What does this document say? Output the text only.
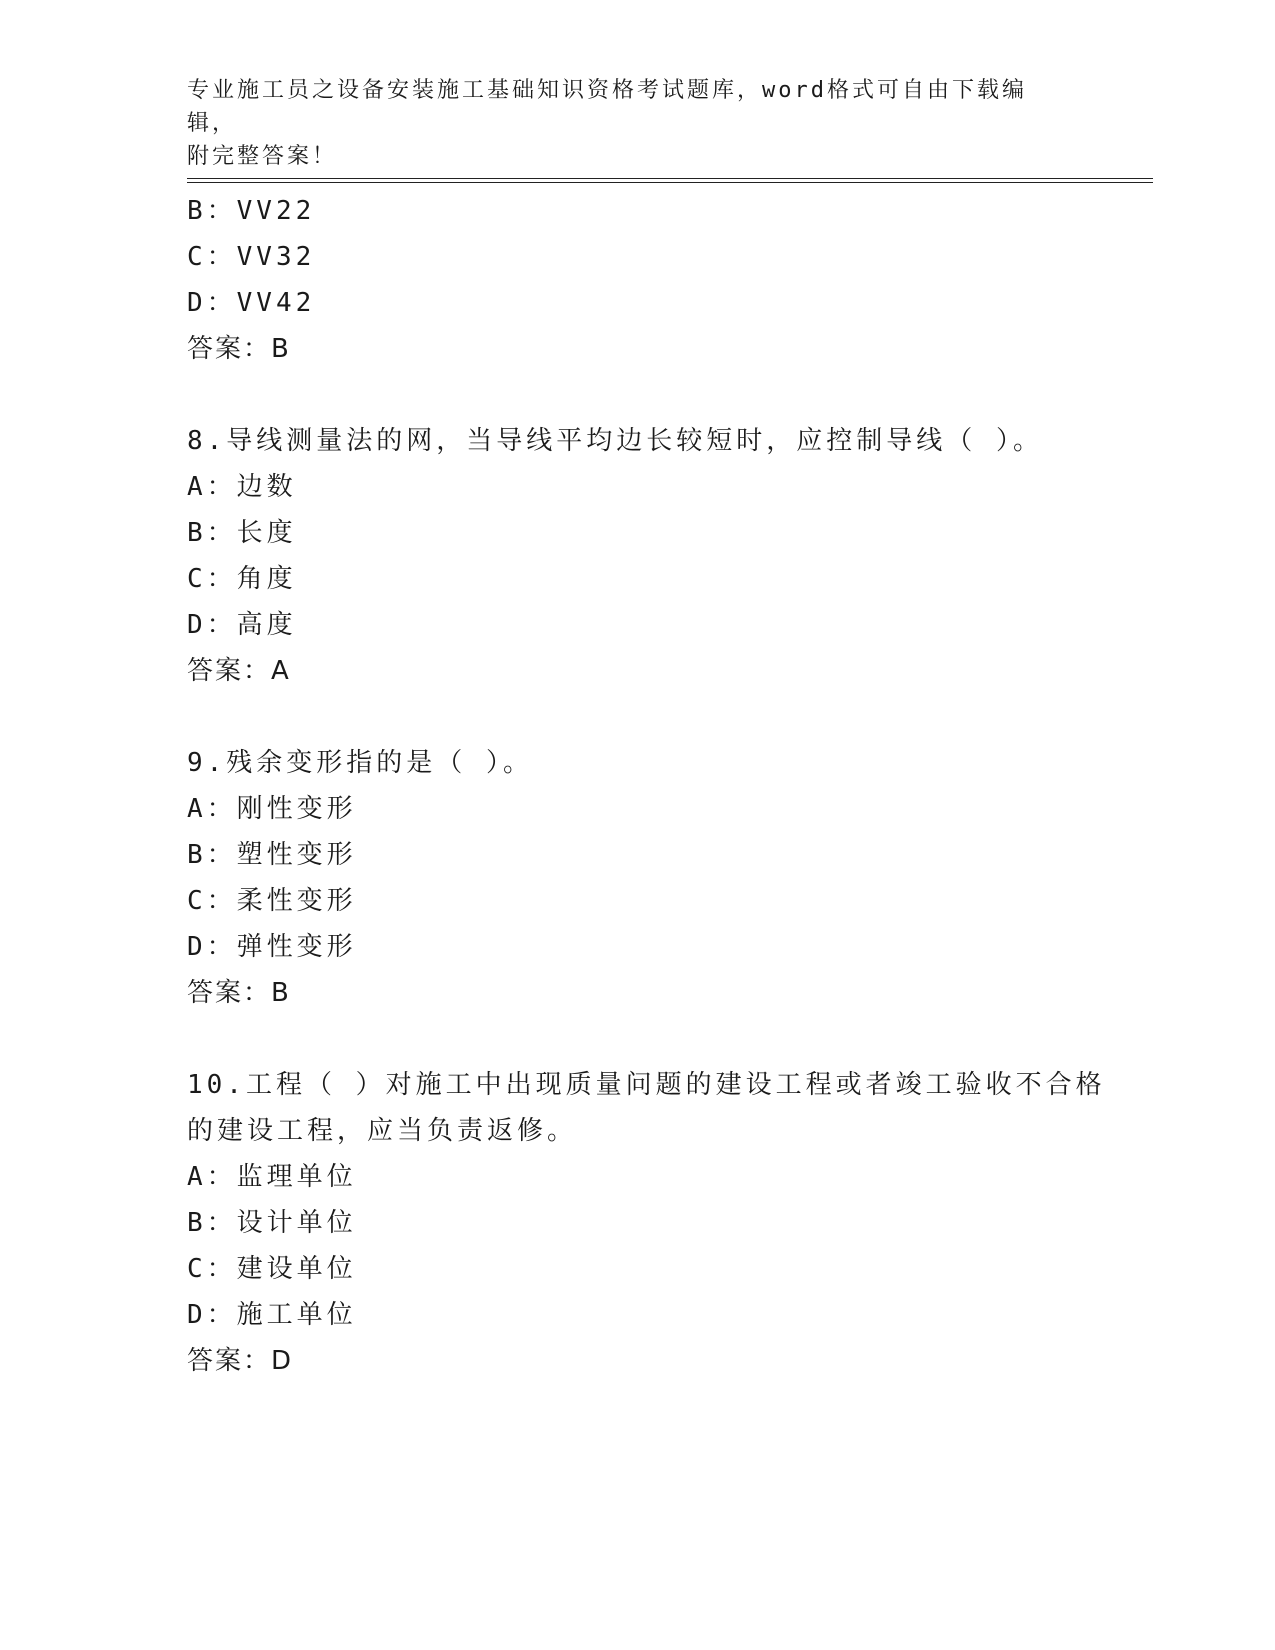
专业施工员之设备安装施工基础知识资格考试题库，word格式可自由下载编辑，
附完整答案！
B：VV22
C：VV32
D：VV42
答案：B
8.导线测量法的网，当导线平均边长较短时，应控制导线（ ）。
A：边数
B：长度
C：角度
D：高度
答案：A
9.残余变形指的是（ ）。
A：刚性变形
B：塑性变形
C：柔性变形
D：弹性变形
答案：B
10.工程（ ）对施工中出现质量问题的建设工程或者竣工验收不合格
的建设工程，应当负责返修。
A：监理单位
B：设计单位
C：建设单位
D：施工单位
答案：D
